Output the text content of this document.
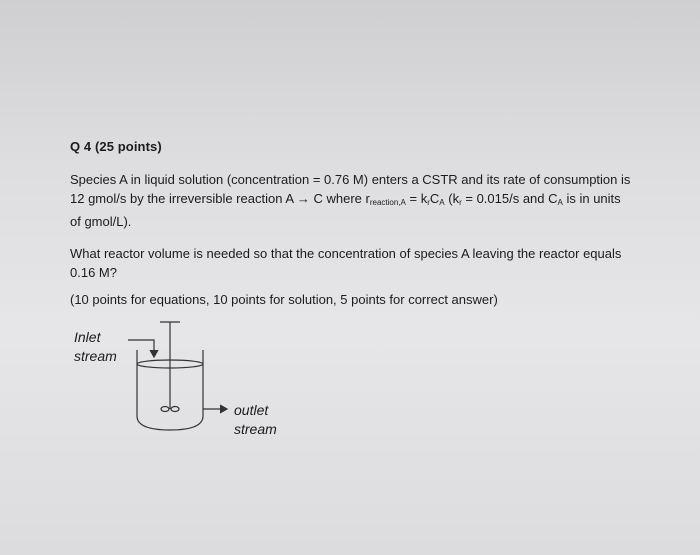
Q 4 (25 points)
Species A in liquid solution (concentration = 0.76 M) enters a CSTR and its rate of consumption is
12 gmol/s by the irreversible reaction A → C where $r_{reaction,A} = k_rC_A$ ($k_r = 0.015/s$ and $C_A$ is in units
of gmol/L).
What reactor volume is needed so that the concentration of species A leaving the reactor equals
0.16 M?
(10 points for equations, 10 points for solution, 5 points for correct answer)
Inlet
stream
outlet
stream
